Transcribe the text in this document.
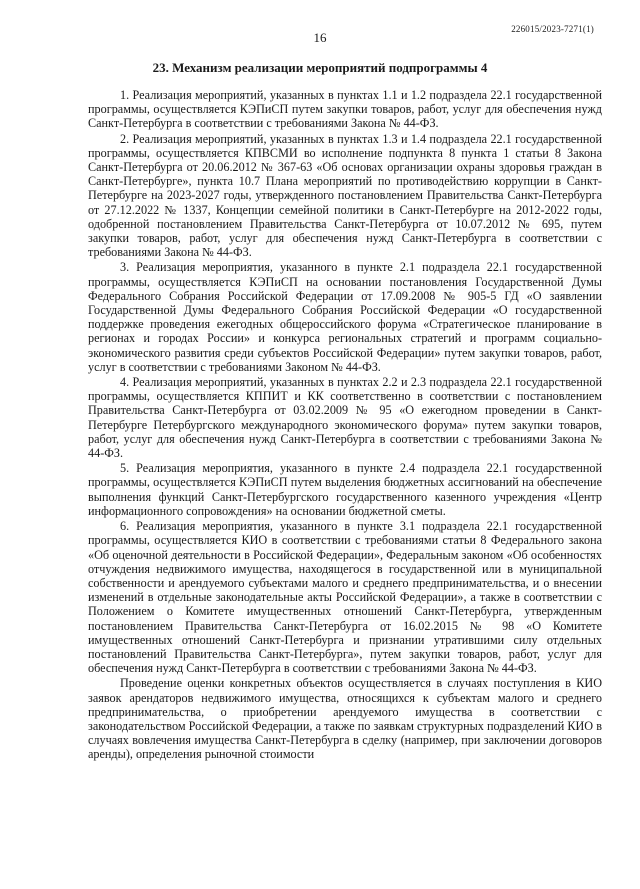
226015/2023-7271(1)
16
23. Механизм реализации мероприятий подпрограммы 4

1. Реализация мероприятий, указанных в пунктах 1.1 и 1.2 подраздела 22.1 государственной программы, осуществляется КЭПиСП путем закупки товаров, работ, услуг для обеспечения нужд Санкт-Петербурга в соответствии с требованиями Закона № 44-ФЗ.

2. Реализация мероприятий, указанных в пунктах 1.3 и 1.4 подраздела 22.1 государственной программы, осуществляется КПВСМИ во исполнение подпункта 8 пункта 1 статьи 8 Закона Санкт-Петербурга от 20.06.2012 № 367-63 «Об основах организации охраны здоровья граждан в Санкт-Петербурге», пункта 10.7 Плана мероприятий по противодействию коррупции в Санкт-Петербурге на 2023-2027 годы, утвержденного постановлением Правительства Санкт-Петербурга от 27.12.2022 № 1337, Концепции семейной политики в Санкт-Петербурге на 2012-2022 годы, одобренной постановлением Правительства Санкт-Петербурга от 10.07.2012 № 695, путем закупки товаров, работ, услуг для обеспечения нужд Санкт-Петербурга в соответствии с требованиями Закона № 44-ФЗ.

3. Реализация мероприятия, указанного в пункте 2.1 подраздела 22.1 государственной программы, осуществляется КЭПиСП на основании постановления Государственной Думы Федерального Собрания Российской Федерации от 17.09.2008 № 905-5 ГД «О заявлении Государственной Думы Федерального Собрания Российской Федерации «О государственной поддержке проведения ежегодных общероссийского форума «Стратегическое планирование в регионах и городах России» и конкурса региональных стратегий и программ социально-экономического развития среди субъектов Российской Федерации» путем закупки товаров, работ, услуг в соответствии с требованиями Законом № 44-ФЗ.

4. Реализация мероприятий, указанных в пунктах 2.2 и 2.3 подраздела 22.1 государственной программы, осуществляется КППИТ и КК соответственно в соответствии с постановлением Правительства Санкт-Петербурга от 03.02.2009 № 95 «О ежегодном проведении в Санкт-Петербурге Петербургского международного экономического форума» путем закупки товаров, работ, услуг для обеспечения нужд Санкт-Петербурга в соответствии с требованиями Закона № 44-ФЗ.

5. Реализация мероприятия, указанного в пункте 2.4 подраздела 22.1 государственной программы, осуществляется КЭПиСП путем выделения бюджетных ассигнований на обеспечение выполнения функций Санкт-Петербургского государственного казенного учреждения «Центр информационного сопровождения» на основании бюджетной сметы.

6. Реализация мероприятия, указанного в пункте 3.1 подраздела 22.1 государственной программы, осуществляется КИО в соответствии с требованиями статьи 8 Федерального закона «Об оценочной деятельности в Российской Федерации», Федеральным законом «Об особенностях отчуждения недвижимого имущества, находящегося в государственной или в муниципальной собственности и арендуемого субъектами малого и среднего предпринимательства, и о внесении изменений в отдельные законодательные акты Российской Федерации», а также в соответствии с Положением о Комитете имущественных отношений Санкт-Петербурга, утвержденным постановлением Правительства Санкт-Петербурга от 16.02.2015 № 98 «О Комитете имущественных отношений Санкт-Петербурга и признании утратившими силу отдельных постановлений Правительства Санкт-Петербурга», путем закупки товаров, работ, услуг для обеспечения нужд Санкт-Петербурга в соответствии с требованиями Закона № 44-ФЗ.

Проведение оценки конкретных объектов осуществляется в случаях поступления в КИО заявок арендаторов недвижимого имущества, относящихся к субъектам малого и среднего предпринимательства, о приобретении арендуемого имущества в соответствии с законодательством Российской Федерации, а также по заявкам структурных подразделений КИО в случаях вовлечения имущества Санкт-Петербурга в сделку (например, при заключении договоров аренды), определения рыночной стоимости
